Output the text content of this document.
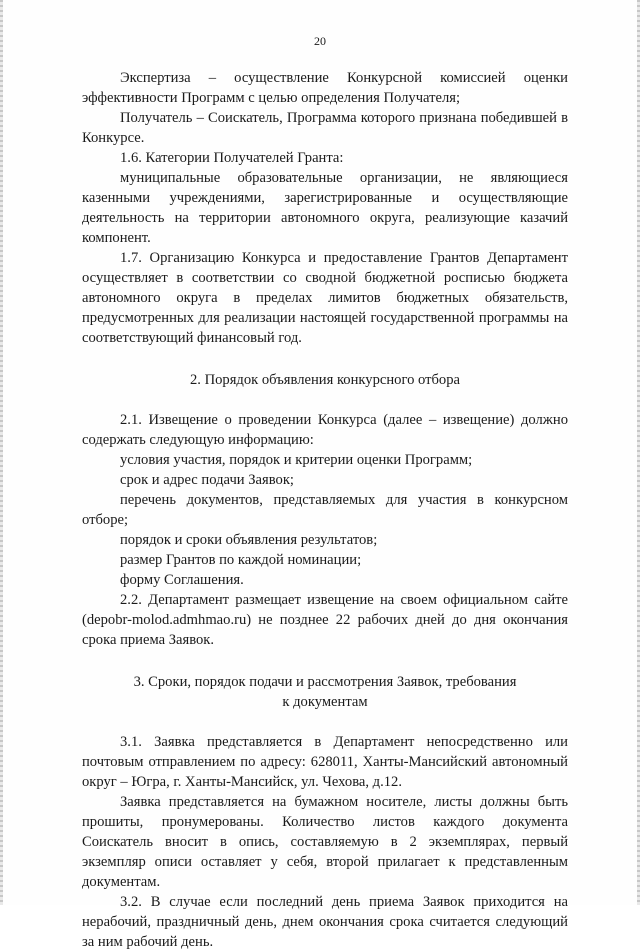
20

Экспертиза – осуществление Конкурсной комиссией оценки эффективности Программ с целью определения Получателя;

Получатель – Соискатель, Программа которого признана победившей в Конкурсе.

1.6. Категории Получателей Гранта:

муниципальные образовательные организации, не являющиеся казенными учреждениями, зарегистрированные и осуществляющие деятельность на территории автономного округа, реализующие казачий компонент.

1.7. Организацию Конкурса и предоставление Грантов Департамент осуществляет в соответствии со сводной бюджетной росписью бюджета автономного округа в пределах лимитов бюджетных обязательств, предусмотренных для реализации настоящей государственной программы на соответствующий финансовый год.

2. Порядок объявления конкурсного отбора

2.1. Извещение о проведении Конкурса (далее – извещение) должно содержать следующую информацию:

условия участия, порядок и критерии оценки Программ;

срок и адрес подачи Заявок;

перечень документов, представляемых для участия в конкурсном отборе;

порядок и сроки объявления результатов;

размер Грантов по каждой номинации;

форму Соглашения.

2.2. Департамент размещает извещение на своем официальном сайте (depobr-molod.admhmao.ru) не позднее 22 рабочих дней до дня окончания срока приема Заявок.

3. Сроки, порядок подачи и рассмотрения Заявок, требования
к документам

3.1. Заявка представляется в Департамент непосредственно или почтовым отправлением по адресу: 628011, Ханты-Мансийский автономный округ – Югра, г. Ханты-Мансийск, ул. Чехова, д.12.

Заявка представляется на бумажном носителе, листы должны быть прошиты, пронумерованы. Количество листов каждого документа Соискатель вносит в опись, составляемую в 2 экземплярах, первый экземпляр описи оставляет у себя, второй прилагает к представленным документам.

3.2. В случае если последний день приема Заявок приходится на нерабочий, праздничный день, днем окончания срока считается следующий за ним рабочий день.
